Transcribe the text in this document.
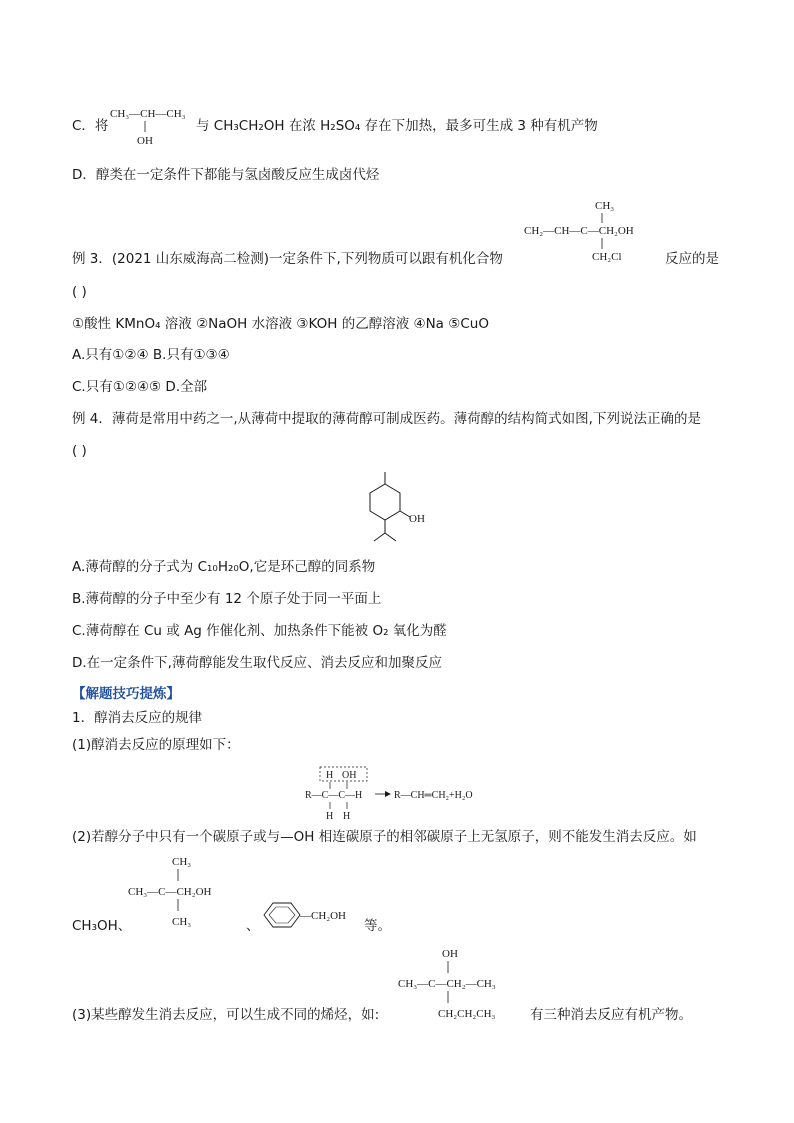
C．将
CH₃—CH—CH₃
OH
与 CH₃CH₂OH 在浓 H₂SO₄ 存在下加热，最多可生成 3 种有机产物
D．醇类在一定条件下都能与氢卤酸反应生成卤代烃
CH₃
CH₂—CH—C—CH₂OH
CH₂Cl
例 3．(2021 山东威海高二检测)一定条件下,下列物质可以跟有机化合物	反应的是
( )
①酸性 KMnO₄ 溶液 ②NaOH 水溶液 ③KOH 的乙醇溶液 ④Na ⑤CuO
A.只有①②④ B.只有①③④
C.只有①②④⑤ D.全部
例 4．薄荷是常用中药之一,从薄荷中提取的薄荷醇可制成医药。薄荷醇的结构简式如图,下列说法正确的是
( )
OH
A.薄荷醇的分子式为 C₁₀H₂₀O,它是环己醇的同系物
B.薄荷醇的分子中至少有 12 个原子处于同一平面上
C.薄荷醇在 Cu 或 Ag 作催化剂、加热条件下能被 O₂ 氧化为醛
D.在一定条件下,薄荷醇能发生取代反应、消去反应和加聚反应
【解题技巧提炼】
1．醇消去反应的规律
(1)醇消去反应的原理如下：
H OH
R—C—C—H	R—CH═CH₂+H₂O
H H
(2)若醇分子中只有一个碳原子或与—OH 相连碳原子的相邻碳原子上无氢原子，则不能发生消去反应。如
CH₃
CH₃—C—CH₂OH
CH₃
CH₃OH、	、
—CH₂OH
等。
OH
CH₃—C—CH₂—CH₃
CH₂CH₂CH₃
(3)某些醇发生消去反应，可以生成不同的烯烃，如:	有三种消去反应有机产物。
